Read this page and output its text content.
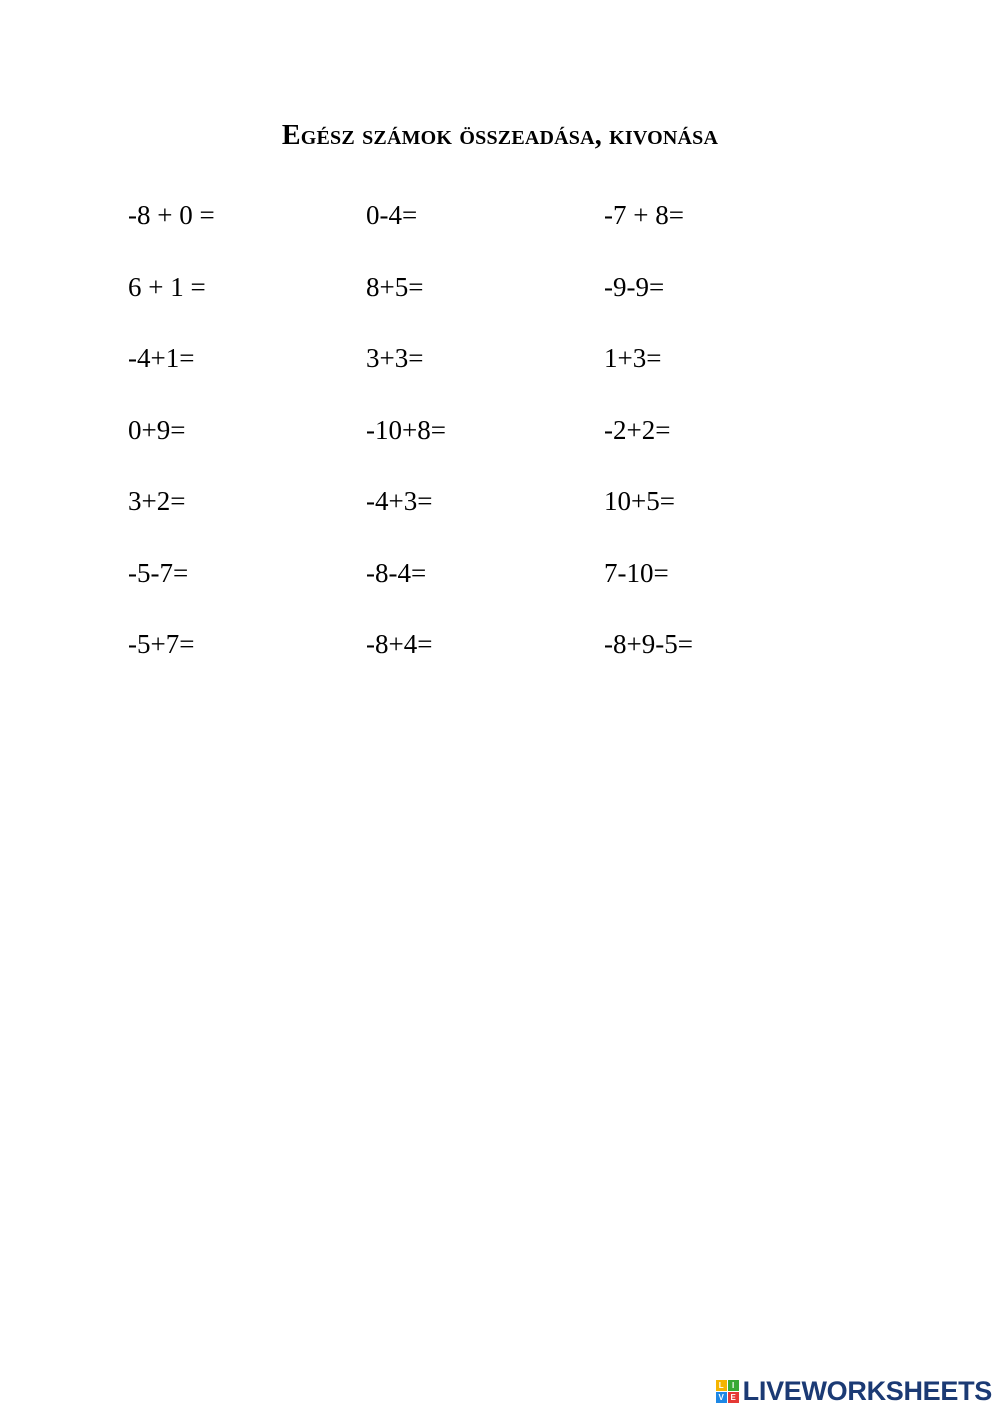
Egész számok összeadása, kivonása
-8 + 0 =	0-4=	-7 + 8=
6 + 1 =	8+5=	-9-9=
-4+1=	3+3=	1+3=
0+9=	-10+8=	-2+2=
3+2=	-4+3=	10+5=
-5-7=	-8-4=	7-10=
-5+7=	-8+4=	-8+9-5=
L	I
V E LIVEWORKSHEETS
